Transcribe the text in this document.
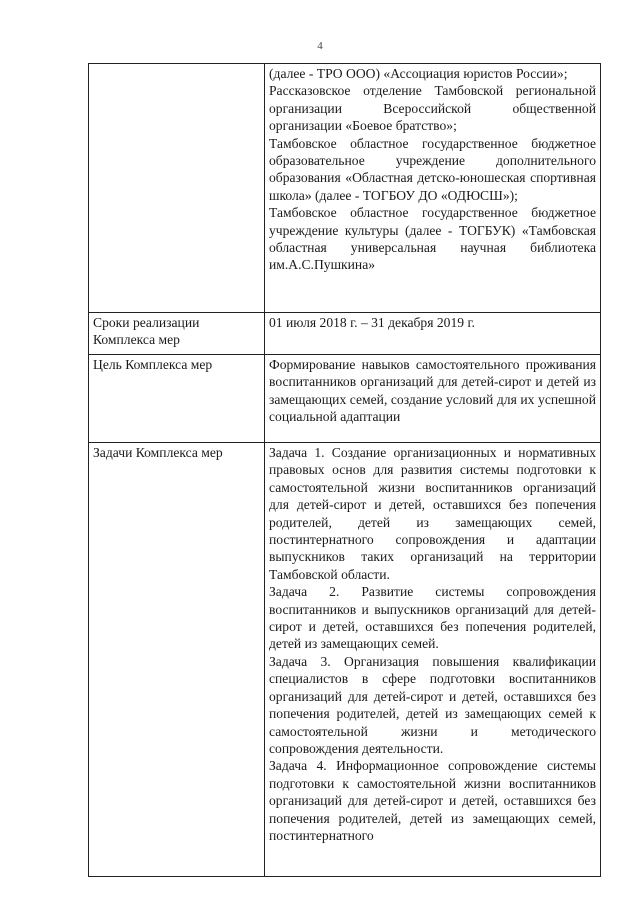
4

	(далее - ТРО ООО) «Ассоциация юристов России»;
Рассказовское отделение Тамбовской региональной организации Всероссийской общественной организации «Боевое братство»;
Тамбовское областное государственное бюджетное образовательное учреждение дополнительного образования «Областная детско-юношеская спортивная школа» (далее - ТОГБОУ ДО «ОДЮСШ»);
Тамбовское областное государственное бюджетное учреждение культуры (далее - ТОГБУК) «Тамбовская областная универсальная научная библиотека им.А.С.Пушкина»

Сроки реализации Комплекса мер	01 июля 2018 г. – 31 декабря 2019 г.
Цель Комплекса мер	Формирование навыков самостоятельного проживания воспитанников организаций для детей-сирот и детей из замещающих семей, создание условий для их успешной социальной адаптации

Задачи Комплекса мер	Задача 1. Создание организационных и нормативных правовых основ для развития системы подготовки к самостоятельной жизни воспитанников организаций для детей-сирот и детей, оставшихся без попечения родителей, детей из замещающих семей, постинтернатного сопровождения и адаптации выпускников таких организаций на территории Тамбовской области.
Задача 2. Развитие системы сопровождения воспитанников и выпускников организаций для детей-сирот и детей, оставшихся без попечения родителей, детей из замещающих семей.
Задача 3. Организация повышения квалификации специалистов в сфере подготовки воспитанников организаций для детей-сирот и детей, оставшихся без попечения родителей, детей из замещающих семей к самостоятельной жизни и методического сопровождения деятельности.
Задача 4. Информационное сопровождение системы подготовки к самостоятельной жизни воспитанников организаций для детей-сирот и детей, оставшихся без попечения родителей, детей из замещающих семей, постинтернатного
